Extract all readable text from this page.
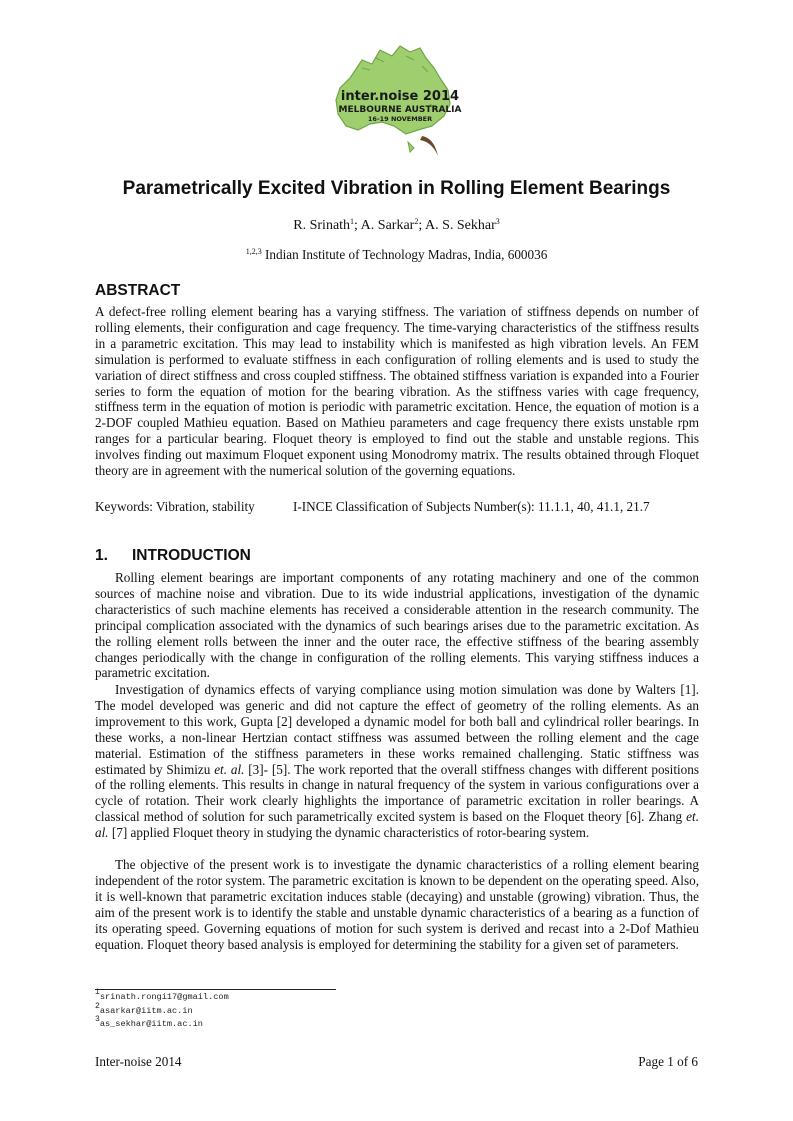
inter.noise 2014
MELBOURNE AUSTRALIA
16-19 NOVEMBER
Parametrically Excited Vibration in Rolling Element Bearings
R. Srinath$^1$; A. Sarkar$^2$; A. S. Sekhar$^3$
$^{1,2,3}$ Indian Institute of Technology Madras, India, 600036
ABSTRACT

A defect-free rolling element bearing has a varying stiffness. The variation of stiffness depends on number of rolling elements, their configuration and cage frequency. The time-varying characteristics of the stiffness results in a parametric excitation. This may lead to instability which is manifested as high vibration levels. An FEM simulation is performed to evaluate stiffness in each configuration of rolling elements and is used to study the variation of direct stiffness and cross coupled stiffness. The obtained stiffness variation is expanded into a Fourier series to form the equation of motion for the bearing vibration. As the stiffness varies with cage frequency, stiffness term in the equation of motion is periodic with parametric excitation. Hence, the equation of motion is a 2-DOF coupled Mathieu equation. Based on Mathieu parameters and cage frequency there exists unstable rpm ranges for a particular bearing. Floquet theory is employed to find out the stable and unstable regions. This involves finding out maximum Floquet exponent using Monodromy matrix. The results obtained through Floquet theory are in agreement with the numerical solution of the governing equations.

Keywords: Vibration, stability	I-INCE Classification of Subjects Number(s): 11.1.1, 40, 41.1, 21.7
1. INTRODUCTION

Rolling element bearings are important components of any rotating machinery and one of the common sources of machine noise and vibration. Due to its wide industrial applications, investigation of the dynamic characteristics of such machine elements has received a considerable attention in the research community. The principal complication associated with the dynamics of such bearings arises due to the parametric excitation. As the rolling element rolls between the inner and the outer race, the effective stiffness of the bearing assembly changes periodically with the change in configuration of the rolling elements. This varying stiffness induces a parametric excitation.

Investigation of dynamics effects of varying compliance using motion simulation was done by Walters [1]. The model developed was generic and did not capture the effect of geometry of the rolling elements. As an improvement to this work, Gupta [2] developed a dynamic model for both ball and cylindrical roller bearings. In these works, a non-linear Hertzian contact stiffness was assumed between the rolling element and the cage material. Estimation of the stiffness parameters in these works remained challenging. Static stiffness was estimated by Shimizu et. al. [3]- [5]. The work reported that the overall stiffness changes with different positions of the rolling elements. This results in change in natural frequency of the system in various configurations over a cycle of rotation. Their work clearly highlights the importance of parametric excitation in roller bearings. A classical method of solution for such parametrically excited system is based on the Floquet theory [6]. Zhang et. al. [7] applied Floquet theory in studying the dynamic characteristics of rotor-bearing system.

The objective of the present work is to investigate the dynamic characteristics of a rolling element bearing independent of the rotor system. The parametric excitation is known to be dependent on the operating speed. Also, it is well-known that parametric excitation induces stable (decaying) and unstable (growing) vibration. Thus, the aim of the present work is to identify the stable and unstable dynamic characteristics of a bearing as a function of its operating speed. Governing equations of motion for such system is derived and recast into a 2-Dof Mathieu equation. Floquet theory based analysis is employed for determining the stability for a given set of parameters.

$^1$srinath.rongi17@gmail.com
$^2$asarkar@iitm.ac.in
$^3$as_sekhar@iitm.ac.in
Inter-noise 2014	Page 1 of 6
